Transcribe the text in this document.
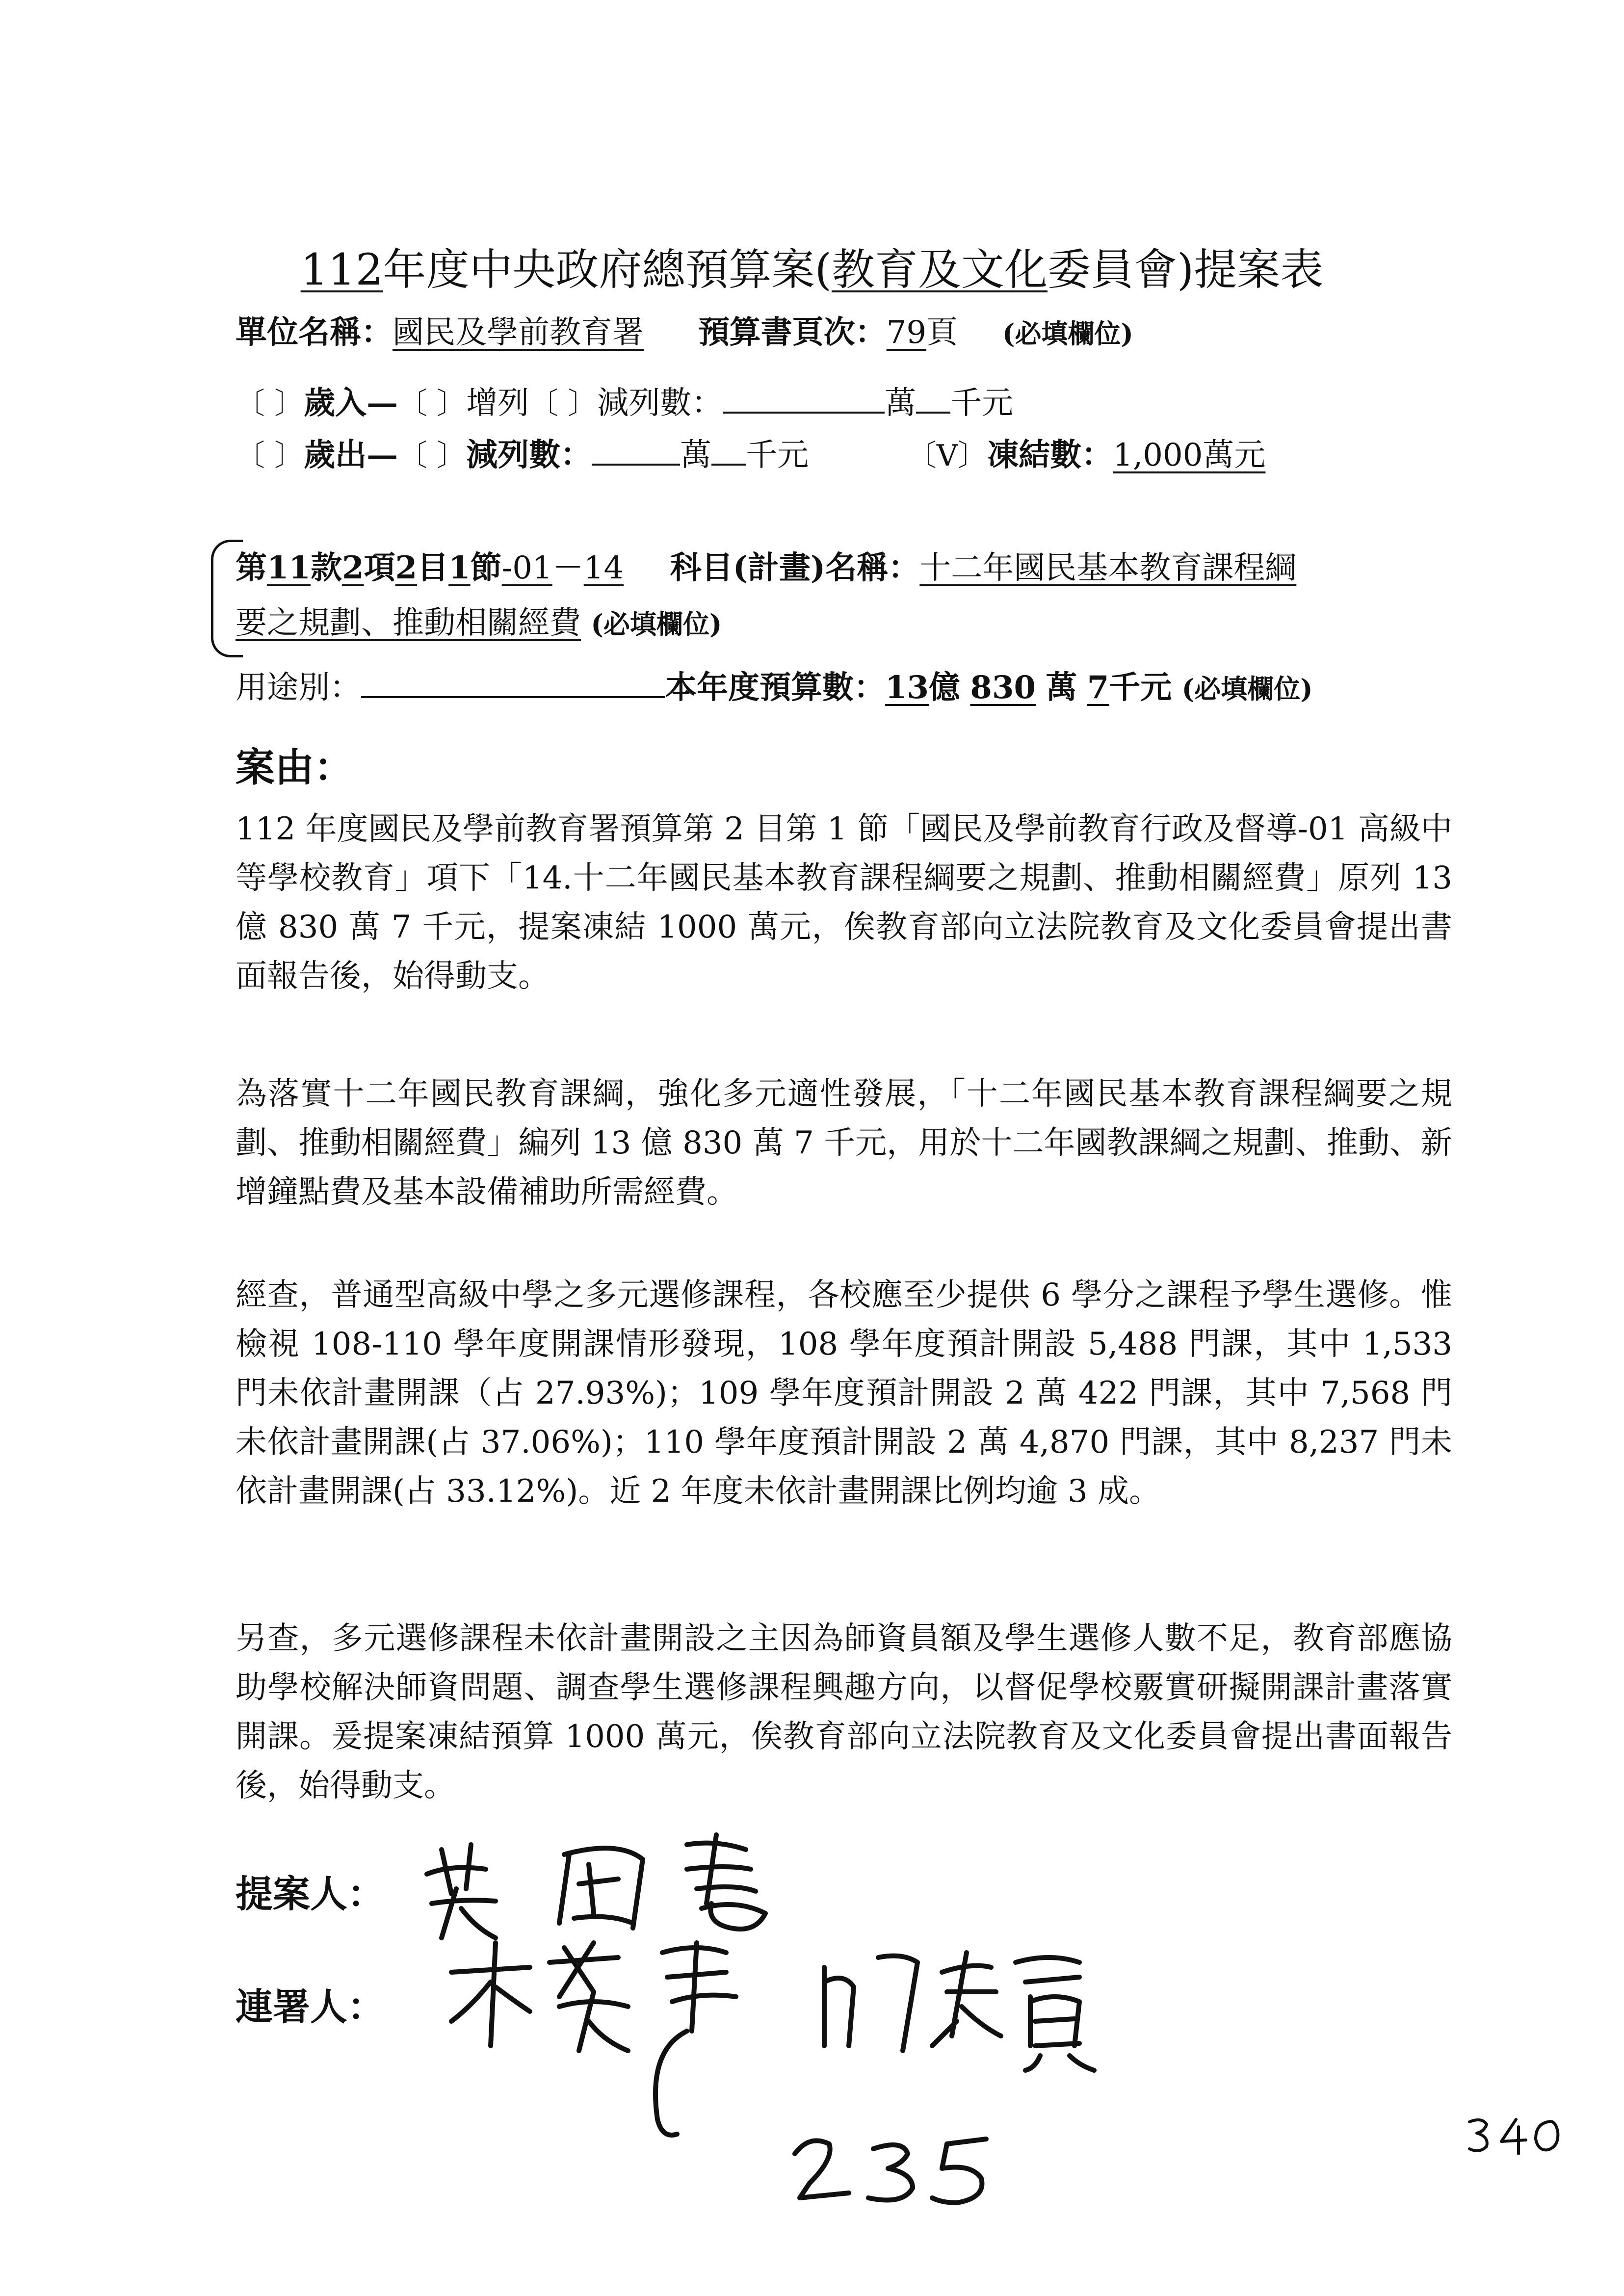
112年度中央政府總預算案(教育及文化委員會)提案表
單位名稱：國民及學前教育署 預算書頁次：79頁 (必填欄位)
〔 〕歲入—〔 〕增列〔 〕減列數：	萬 千元
〔 〕歲出—〔 〕減列數：	萬 千元	〔V〕凍結數：1,000萬元
第11款2項2目1節-01－14 科目(計畫)名稱：十二年國民基本教育課程綱
要之規劃、推動相關經費 (必填欄位)
用途別：	本年度預算數：13億 830 萬 7千元 (必填欄位)
案由：

112 年度國民及學前教育署預算第 2 目第 1 節「國民及學前教育行政及督導-01 高級中等學校教育」項下「14.十二年國民基本教育課程綱要之規劃、推動相關經費」原列 13 億 830 萬 7 千元，提案凍結 1000 萬元，俟教育部向立法院教育及文化委員會提出書面報告後，始得動支。

為落實十二年國民教育課綱，強化多元適性發展，「十二年國民基本教育課程綱要之規劃、推動相關經費」編列 13 億 830 萬 7 千元，用於十二年國教課綱之規劃、推動、新增鐘點費及基本設備補助所需經費。

經查，普通型高級中學之多元選修課程，各校應至少提供 6 學分之課程予學生選修。惟檢視 108-110 學年度開課情形發現，108 學年度預計開設 5,488 門課，其中 1,533 門未依計畫開課（占 27.93%)；109 學年度預計開設 2 萬 422 門課，其中 7,568 門未依計畫開課(占 37.06%)；110 學年度預計開設 2 萬 4,870 門課，其中 8,237 門未依計畫開課(占 33.12%)。近 2 年度未依計畫開課比例均逾 3 成。

另查，多元選修課程未依計畫開設之主因為師資員額及學生選修人數不足，教育部應協助學校解決師資問題、調查學生選修課程興趣方向，以督促學校覈實研擬開課計畫落實開課。爰提案凍結預算 1000 萬元，俟教育部向立法院教育及文化委員會提出書面報告後，始得動支。

提案人：
連署人：
